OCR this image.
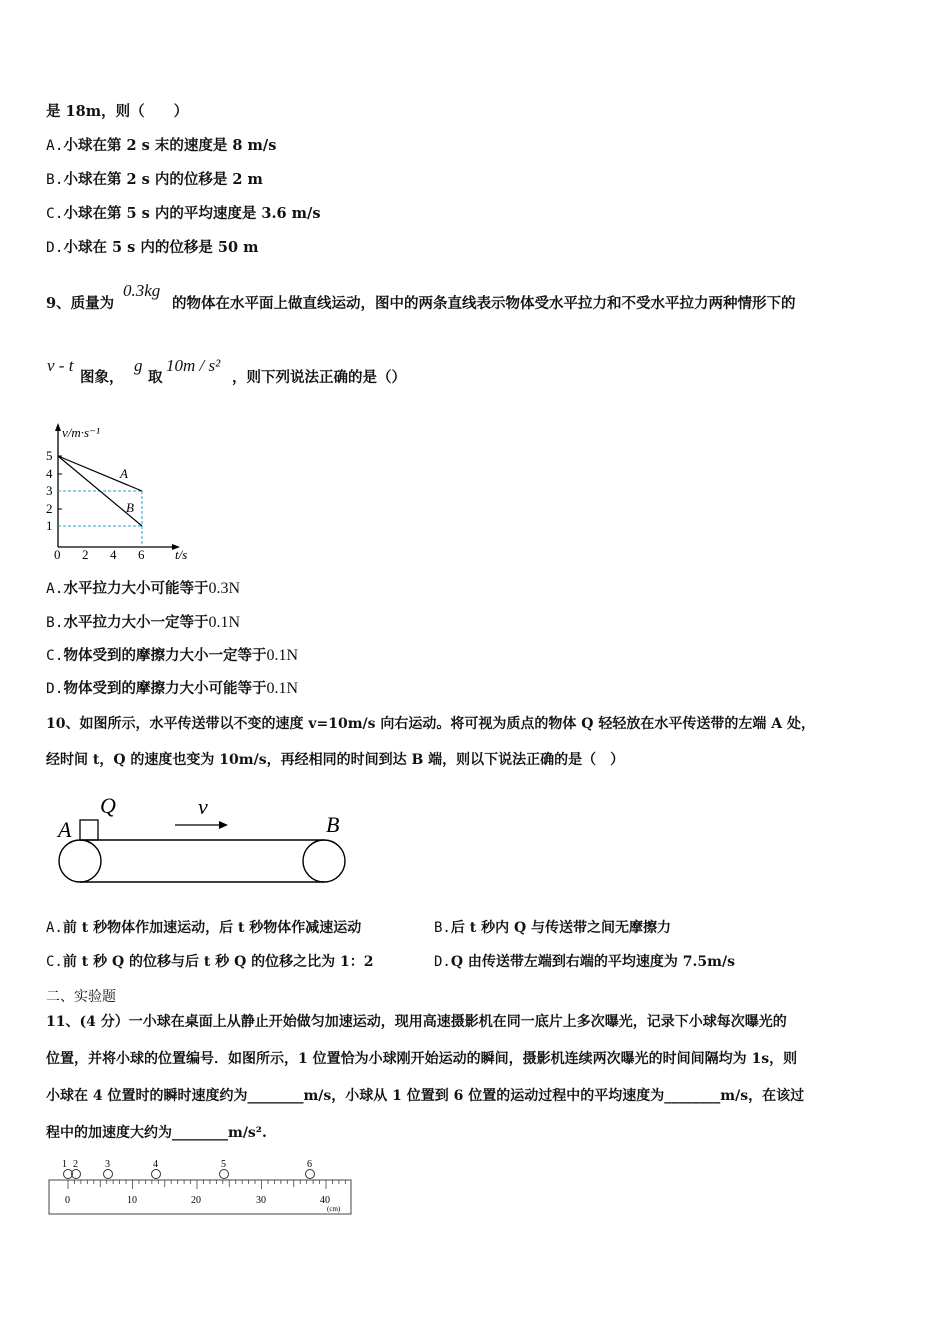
是 18m，则（　　）
A.小球在第 2 s 末的速度是 8 m/s
B.小球在第 2 s 内的位移是 2 m
C.小球在第 5 s 内的平均速度是 3.6 m/s
D.小球在 5 s 内的位移是 50 m
9、质量为
0.3kg
的物体在水平面上做直线运动，图中的两条直线表示物体受水平拉力和不受水平拉力两种情形下的
v - t
图象，
g
取
10m / s²
，则下列说法正确的是（）
v/m·s⁻¹
t/s
5
4
3
2
1
0 2 4 6
A
B
A.水平拉力大小可能等于0.3N
B.水平拉力大小一定等于0.1N
C.物体受到的摩擦力大小一定等于0.1N
D.物体受到的摩擦力大小可能等于0.1N
10、如图所示，水平传送带以不变的速度 v=10m/s 向右运动。将可视为质点的物体 Q 轻轻放在水平传送带的左端 A 处，
经时间 t，Q 的速度也变为 10m/s，再经相同的时间到达 B 端，则以下说法正确的是（　）
A
Q	v
B
A.前 t 秒物体作加速运动，后 t 秒物体作减速运动	B.后 t 秒内 Q 与传送带之间无摩擦力
C.前 t 秒 Q 的位移与后 t 秒 Q 的位移之比为 1：2	D.Q 由传送带左端到右端的平均速度为 7.5m/s
二、实验题
11、(4 分）一小球在桌面上从静止开始做匀加速运动，现用高速摄影机在同一底片上多次曝光，记录下小球每次曝光的
位置，并将小球的位置编号．如图所示，1 位置恰为小球刚开始运动的瞬间，摄影机连续两次曝光的时间间隔均为 1s，则
小球在 4 位置时的瞬时速度约为________m/s，小球从 1 位置到 6 位置的运动过程中的平均速度为________m/s，在该过
程中的加速度大约为________m/s².
1 2	3	4	5	6
0	10	20	30	40
(cm)
